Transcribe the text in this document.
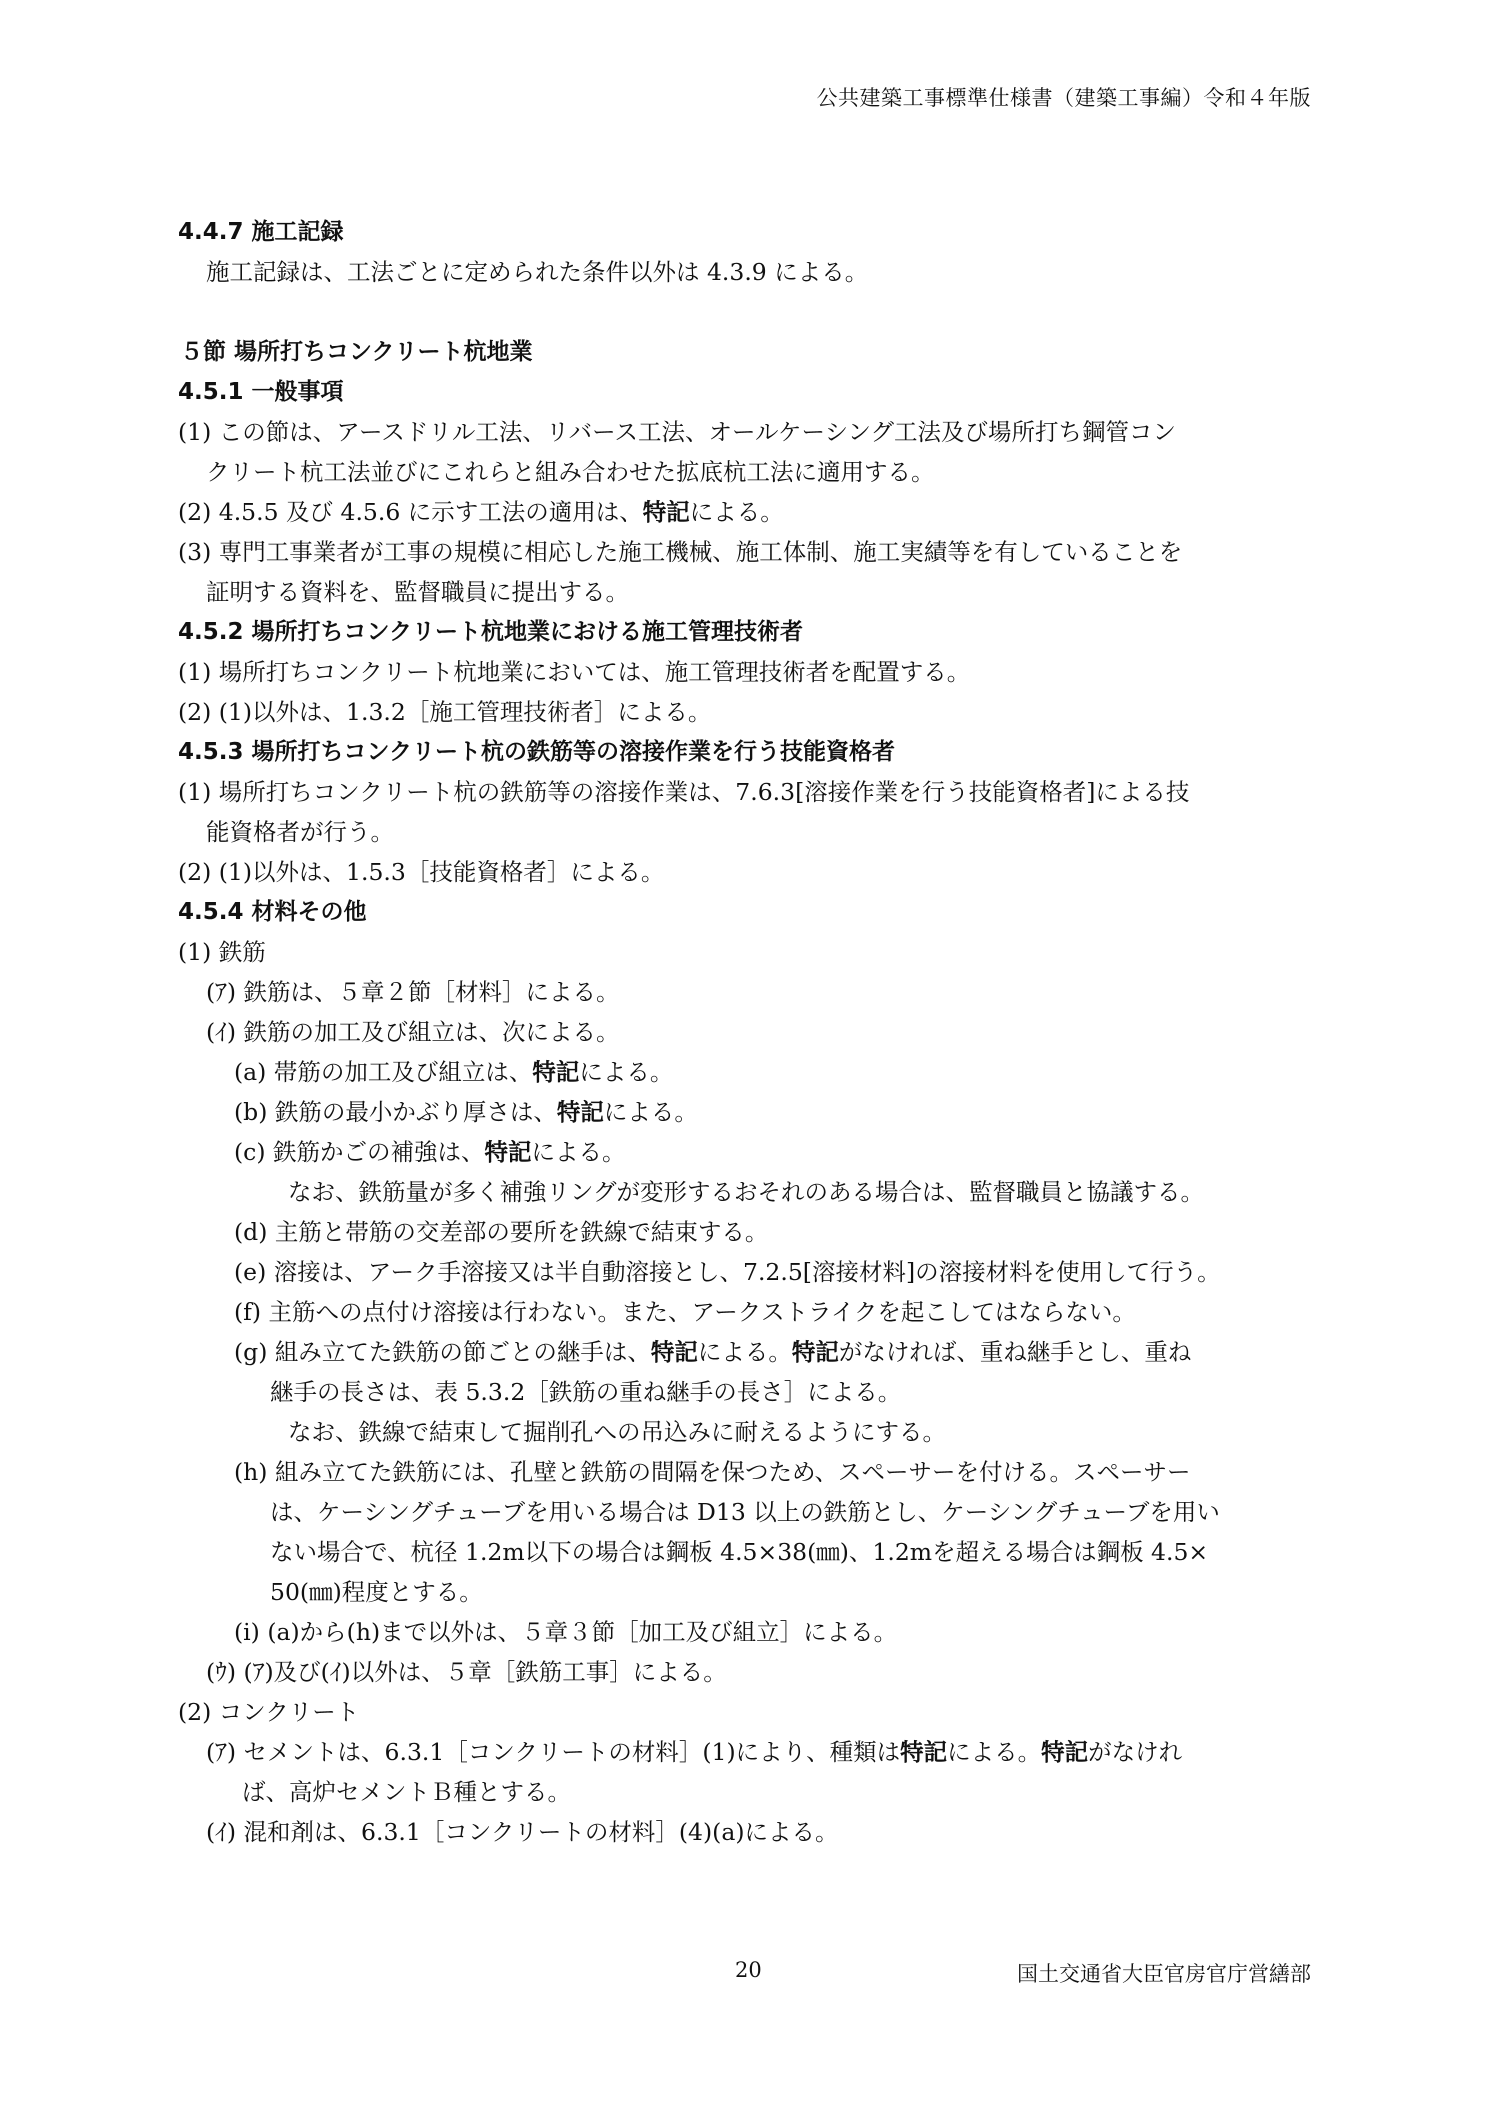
公共建築工事標準仕様書（建築工事編）令和４年版
4.4.7 施工記録
施工記録は、工法ごとに定められた条件以外は 4.3.9 による。
５節 場所打ちコンクリート杭地業
4.5.1 一般事項
(1) この節は、アースドリル工法、リバース工法、オールケーシング工法及び場所打ち鋼管コン
クリート杭工法並びにこれらと組み合わせた拡底杭工法に適用する。
(2) 4.5.5 及び 4.5.6 に示す工法の適用は、特記による。
(3) 専門工事業者が工事の規模に相応した施工機械、施工体制、施工実績等を有していることを
証明する資料を、監督職員に提出する。
4.5.2 場所打ちコンクリート杭地業における施工管理技術者
(1) 場所打ちコンクリート杭地業においては、施工管理技術者を配置する。
(2) (1)以外は、1.3.2［施工管理技術者］による。
4.5.3 場所打ちコンクリート杭の鉄筋等の溶接作業を行う技能資格者
(1) 場所打ちコンクリート杭の鉄筋等の溶接作業は、7.6.3[溶接作業を行う技能資格者]による技
能資格者が行う。
(2) (1)以外は、1.5.3［技能資格者］による。
4.5.4 材料その他
(1) 鉄筋
(ｱ) 鉄筋は、５章２節［材料］による。
(ｲ) 鉄筋の加工及び組立は、次による。
(a) 帯筋の加工及び組立は、特記による。
(b) 鉄筋の最小かぶり厚さは、特記による。
(c) 鉄筋かごの補強は、特記による。
なお、鉄筋量が多く補強リングが変形するおそれのある場合は、監督職員と協議する。
(d) 主筋と帯筋の交差部の要所を鉄線で結束する。
(e) 溶接は、アーク手溶接又は半自動溶接とし、7.2.5[溶接材料]の溶接材料を使用して行う。
(f) 主筋への点付け溶接は行わない。また、アークストライクを起こしてはならない。
(g) 組み立てた鉄筋の節ごとの継手は、特記による。特記がなければ、重ね継手とし、重ね
継手の長さは、表 5.3.2［鉄筋の重ね継手の長さ］による。
なお、鉄線で結束して掘削孔への吊込みに耐えるようにする。
(h) 組み立てた鉄筋には、孔壁と鉄筋の間隔を保つため、スペーサーを付ける。スペーサー
は、ケーシングチューブを用いる場合は D13 以上の鉄筋とし、ケーシングチューブを用い
ない場合で、杭径 1.2m以下の場合は鋼板 4.5×38(㎜)、1.2mを超える場合は鋼板 4.5×
50(㎜)程度とする。
(i) (a)から(h)まで以外は、５章３節［加工及び組立］による。
(ｳ) (ｱ)及び(ｲ)以外は、５章［鉄筋工事］による。
(2) コンクリート
(ｱ) セメントは、6.3.1［コンクリートの材料］(1)により、種類は特記による。特記がなけれ
ば、高炉セメントＢ種とする。
(ｲ) 混和剤は、6.3.1［コンクリートの材料］(4)(a)による。
20	国土交通省大臣官房官庁営繕部
